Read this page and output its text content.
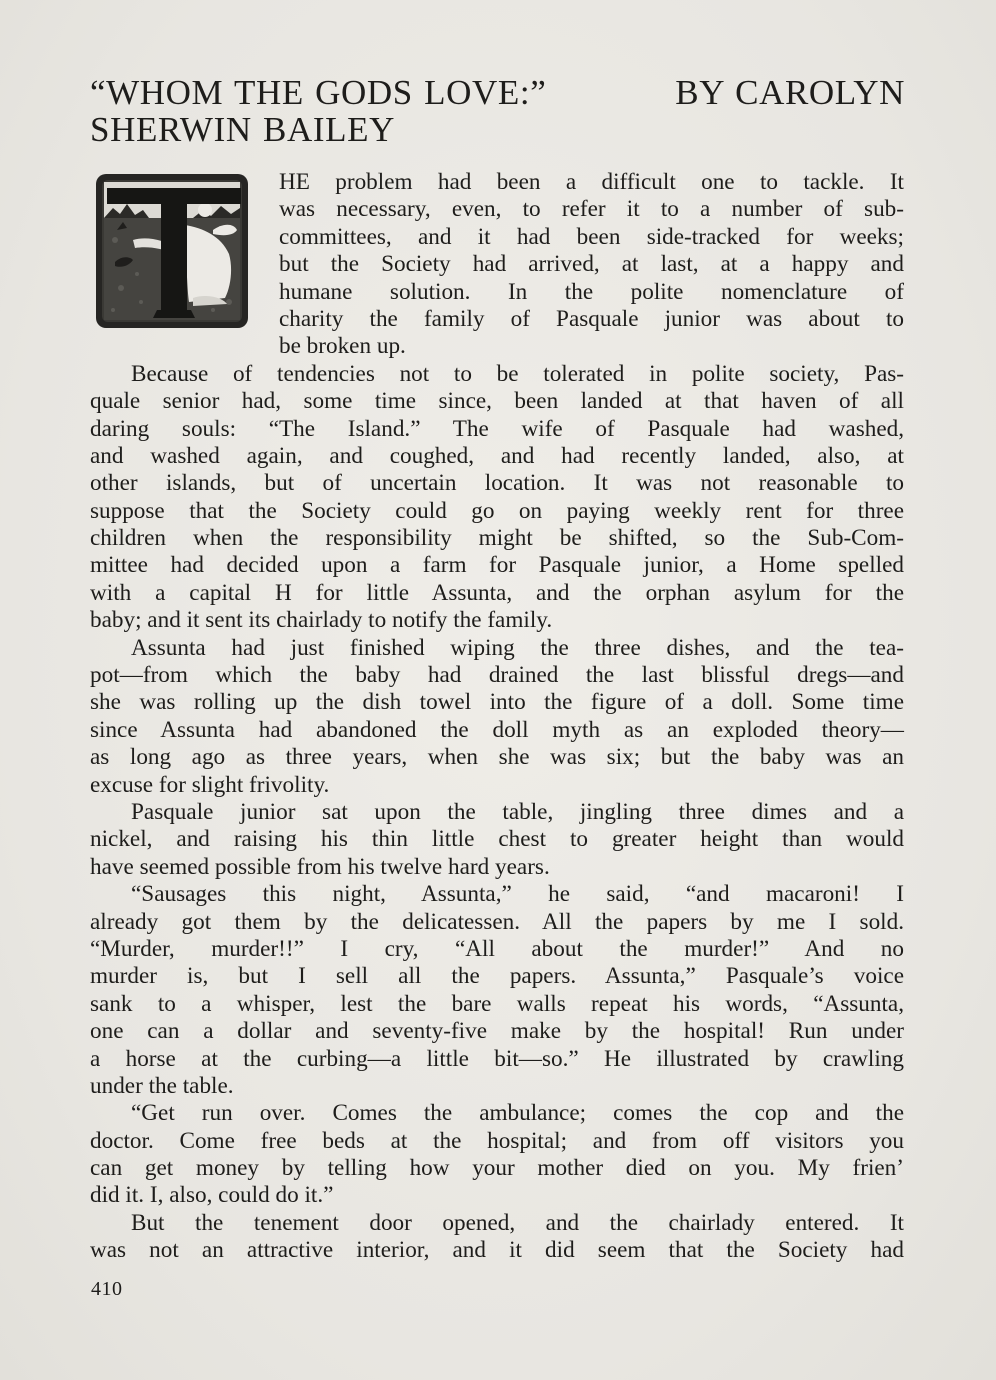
“WHOM THE GODS LOVE:”	BY CAROLYN
SHERWIN BAILEY
HE problem had been a difficult one to tackle. It
was necessary, even, to refer it to a number of sub-
committees, and it had been side-tracked for weeks;
but the Society had arrived, at last, at a happy and
humane solution. In the polite nomenclature of
charity the family of Pasquale junior was about to
be broken up.
Because of tendencies not to be tolerated in polite society, Pas-
quale senior had, some time since, been landed at that haven of all
daring souls: “The Island.” The wife of Pasquale had washed,
and washed again, and coughed, and had recently landed, also, at
other islands, but of uncertain location. It was not reasonable to
suppose that the Society could go on paying weekly rent for three
children when the responsibility might be shifted, so the Sub-Com-
mittee had decided upon a farm for Pasquale junior, a Home spelled
with a capital H for little Assunta, and the orphan asylum for the
baby; and it sent its chairlady to notify the family.
Assunta had just finished wiping the three dishes, and the tea-
pot—from which the baby had drained the last blissful dregs—and
she was rolling up the dish towel into the figure of a doll. Some time
since Assunta had abandoned the doll myth as an exploded theory—
as long ago as three years, when she was six; but the baby was an
excuse for slight frivolity.
Pasquale junior sat upon the table, jingling three dimes and a
nickel, and raising his thin little chest to greater height than would
have seemed possible from his twelve hard years.
“Sausages this night, Assunta,” he said, “and macaroni! I
already got them by the delicatessen. All the papers by me I sold.
“Murder, murder!!” I cry, “All about the murder!” And no
murder is, but I sell all the papers. Assunta,” Pasquale’s voice
sank to a whisper, lest the bare walls repeat his words, “Assunta,
one can a dollar and seventy-five make by the hospital! Run under
a horse at the curbing—a little bit—so.” He illustrated by crawling
under the table.
“Get run over. Comes the ambulance; comes the cop and the
doctor. Come free beds at the hospital; and from off visitors you
can get money by telling how your mother died on you. My frien’
did it. I, also, could do it.”
But the tenement door opened, and the chairlady entered. It
was not an attractive interior, and it did seem that the Society had
410
